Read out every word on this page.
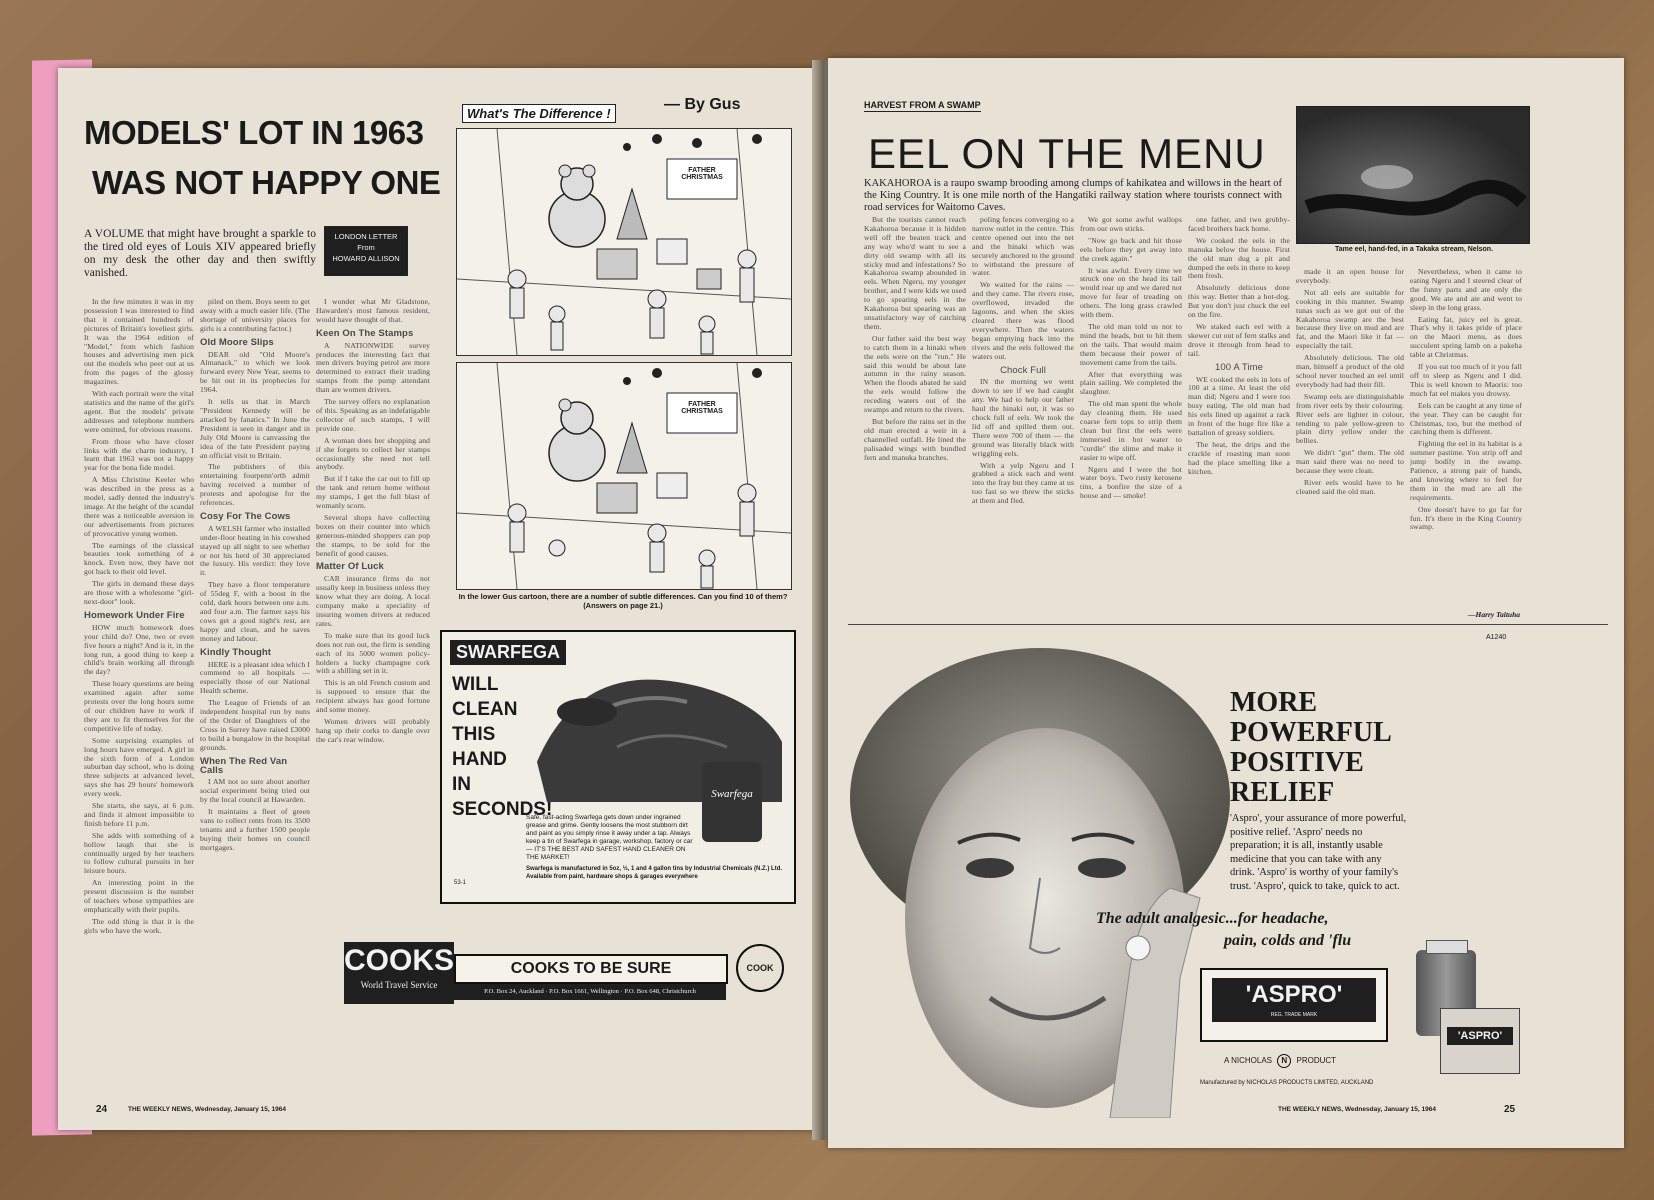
MODELS' LOT IN 1963
WAS NOT HAPPY ONE
A VOLUME that might have brought a sparkle to the tired old eyes of Louis XIV appeared briefly on my desk the other day and then swiftly vanished.
LONDON LETTER
From
HOWARD ALLISON

In the few minutes it was in my possession I was interested to find that it contained hundreds of pictures of Britain's loveliest girls. It was the 1964 edition of "Model," from which fashion houses and advertising men pick out the models who peer out at us from the pages of the glossy magazines.

With each portrait were the vital statistics and the name of the girl's agent. But the models' private addresses and telephone numbers were omitted, for obvious reasons.

From those who have closer links with the charm industry, I learn that 1963 was not a happy year for the bona fide model.

A Miss Christine Keeler who was described in the press as a model, sadly dented the industry's image. At the height of the scandal there was a noticeable aversion in our advertisements from pictures of provocative young women.

The earnings of the classical beauties took something of a knock. Even now, they have not got back to their old level.

The girls in demand these days are those with a wholesome "girl-next-door" look.

Homework Under Fire

HOW much homework does your child do? One, two or even five hours a night? And is it, in the long run, a good thing to keep a child's brain working all through the day?

These hoary questions are being examined again after some protests over the long hours some of our children have to work if they are to fit themselves for the competitive life of today.

Some surprising examples of long hours have emerged. A girl in the sixth form of a London suburban day school, who is doing three subjects at advanced level, says she has 29 hours' homework every week.

She starts, she says, at 6 p.m. and finds it almost impossible to finish before 11 p.m.

She adds with something of a hollow laugh that she is continually urged by her teachers to follow cultural pursuits in her leisure hours.

An interesting point in the present discussion is the number of teachers whose sympathies are emphatically with their pupils.

The odd thing is that it is the girls who have the work.

piled on them. Boys seem to get away with a much easier life. (The shortage of university places for girls is a contributing factor.)

Old Moore Slips

DEAR old "Old Moore's Almanack," to which we look forward every New Year, seems to be hit out in its prophecies for 1964.

It tells us that in March "President Kennedy will be attacked by fanatics." In June the President is seen in danger and in July Old Moore is canvassing the idea of the late President paying an official visit to Britain.

The publishers of this entertaining fourpenn'orth admit having received a number of protests and apologise for the references.

Cosy For The Cows

A WELSH farmer who installed under-floor heating in his cowshed stayed up all night to see whether or not his herd of 30 appreciated the luxury. His verdict: they love it.

They have a floor temperature of 55deg F, with a boost in the cold, dark hours between one a.m. and four a.m. The farmer says his cows get a good night's rest, are happy and clean, and he saves money and labour.

Kindly Thought

HERE is a pleasant idea which I commend to all hospitals — especially those of our National Health scheme.

The League of Friends of an independent hospital run by nuns of the Order of Daughters of the Cross in Surrey have raised £3000 to build a bungalow in the hospital grounds.

When The Red Van Calls

I AM not so sure about another social experiment being tried out by the local council at Hawarden.

It maintains a fleet of green vans to collect rents from its 3500 tenants and a further 1500 people buying their homes on council mortgages.

I wonder what Mr Gladstone, Hawarden's most famous resident, would have thought of that.

Keen On The Stamps

A NATIONWIDE survey produces the interesting fact that men drivers buying petrol are more determined to extract their trading stamps from the pump attendant than are women drivers.

The survey offers no explanation of this. Speaking as an indefatigable collector of such stamps, I will provide one.

A woman does her shopping and if she forgets to collect her stamps occasionally she need not tell anybody.

But if I take the car out to fill up the tank and return home without my stamps, I get the full blast of womanly scorn.

Several shops have collecting boxes on their counter into which generous-minded shoppers can pop the stamps, to be sold for the benefit of good causes.

Matter Of Luck

CAR insurance firms do not usually keep in business unless they know what they are doing. A local company make a speciality of insuring women drivers at reduced rates.

To make sure that its good luck does not run out, the firm is sending each of its 5000 women policy-holders a lucky champagne cork with a shilling set in it.

This is an old French custom and is supposed to ensure that the recipient always has good fortune and some money.

Women drivers will probably hang up their corks to dangle over the car's rear window.

What's The Difference !
— By Gus
FATHER CHRISTMAS
FATHER CHRISTMAS
In the lower Gus cartoon, there are a number of subtle differences. Can you find 10 of them? (Answers on page 21.)
SWARFEGA
WILL
CLEAN
THIS
HAND
IN
SECONDS!
Swarfega
Safe, fast-acting Swarfega gets down under ingrained grease and grime. Gently loosens the most stubborn dirt and paint as you simply rinse it away under a tap. Always keep a tin of Swarfega in garage, workshop, factory or car — IT'S THE BEST AND SAFEST HAND CLEANER ON THE MARKET!
53-1
Swarfega is manufactured in 5oz, ½, 1 and 4 gallon tins by Industrial Chemicals (N.Z.) Ltd. Available from paint, hardware shops & garages everywhere
COOKS
World Travel Service
COOKS TO BE SURE
P.O. Box 24, Auckland · P.O. Box 1661, Wellington · P.O. Box 648, Christchurch
COOK
24	THE WEEKLY NEWS, Wednesday, January 15, 1964
HARVEST FROM A SWAMP
EEL ON THE MENU
KAKAHOROA is a raupo swamp brooding among clumps of kahikatea and willows in the heart of the King Country. It is one mile north of the Hangatiki railway station where tourists connect with road services for Waitomo Caves.
Tame eel, hand-fed, in a Takaka stream, Nelson.

But the tourists cannot reach Kakahoroa because it is hidden well off the beaten track and any way who'd want to see a dirty old swamp with all its sticky mud and infestations? So Kakahoroa swamp abounded in eels. When Ngeru, my younger brother, and I were kids we used to go spearing eels in the Kakahoroa but spearing was an unsatisfactory way of catching them.

Our father said the best way to catch them in a hinaki when the eels were on the "run." He said this would be about late autumn in the rainy season. When the floods abated he said the eels would follow the receding waters out of the swamps and return to the rivers.

But before the rains set in the old man erected a weir in a channelled outfall. He lined the palisaded wings with bundled fern and manuka branches.

poling fences converging to a narrow outlet in the centre. This centre opened out into the net and the hinaki which was securely anchored to the ground to withstand the pressure of water.

We waited for the rains — and they came. The rivers rose, overflowed, invaded the lagoons, and when the skies cleared there was flood everywhere. Then the waters began emptying back into the rivers and the eels followed the waters out.

Chock Full

IN the morning we went down to see if we had caught any. We had to help our father haul the hinaki out, it was so chock full of eels. We took the lid off and spilled them out. There were 700 of them — the ground was literally black with wriggling eels.

With a yelp Ngeru and I grabbed a stick each and went into the fray but they came at us too fast so we threw the sticks at them and fled.

We got some awful wallops from our own sticks.

"Now go back and hit those eels before they get away into the creek again."

It was awful. Every time we struck one on the head its tail would rear up and we dared not move for fear of treading on others. The long grass crawled with them.

The old man told us not to mind the heads, but to hit them on the tails. That would maim them because their power of movement came from the tails.

After that everything was plain sailing. We completed the slaughter.

The old man spent the whole day cleaning them. He used coarse fern tops to strip them clean but first the eels were immersed in hot water to "curdle" the slime and make it easier to wipe off.

Ngeru and I were the hot water boys. Two rusty kerosene tins, a bonfire the size of a house and — smoke!

one father, and two grubby-faced brothers back home.

We cooked the eels in the manuka below the house. First the old man dug a pit and dumped the eels in there to keep them fresh.

Absolutely delicious done this way. Better than a hot-dog. But you don't just chuck the eel on the fire.

We staked each eel with a skewer cut out of fern stalks and drove it through from head to tail.

100 A Time

WE cooked the eels in lots of 100 at a time. At least the old man did; Ngeru and I were too busy eating. The old man had his eels lined up against a rack in front of the huge fire like a battalion of greasy soldiers.

The heat, the drips and the crackle of roasting man soon had the place smelling like a kitchen.

made it an open house for everybody.

Not all eels are suitable for cooking in this manner. Swamp tunas such as we got out of the Kakahoroa swamp are the best because they live on mud and are fat, and the Maori like it fat — especially the tail.

Absolutely delicious. The old man, himself a product of the old school never touched an eel until everybody had had their fill.

Swamp eels are distinguishable from river eels by their colouring. River eels are lighter in colour, tending to pale yellow-green to plain dirty yellow under the bellies.

We didn't "gut" them. The old man said there was no need to because they were clean.

River eels would have to be cleaned said the old man.

Nevertheless, when it came to eating Ngeru and I steered clear of the funny parts and ate only the good. We ate and ate and went to sleep in the long grass.

Eating fat, juicy eel is great. That's why it takes pride of place on the Maori menu, as does succulent spring lamb on a pakeha table at Christmas.

If you eat too much of it you fall off to sleep as Ngeru and I did. This is well known to Maoris: too much fat eel makes you drowsy.

Eels can be caught at any time of the year. They can be caught for Christmas, too, but the method of catching them is different.

Fighting the eel in its habitat is a summer pastime. You strip off and jump bodily in the swamp. Patience, a strong pair of hands, and knowing where to feel for them in the mud are all the requirements.

One doesn't have to go far for fun. It's there in the King Country swamp.

—Harry Taituha
A1240
MORE
POWERFUL
POSITIVE
RELIEF
'Aspro', your assurance of more powerful, positive relief. 'Aspro' needs no preparation; it is all, instantly usable medicine that you can take with any drink. 'Aspro' is worthy of your family's trust. 'Aspro', quick to take, quick to act.
The adult analgesic...for headache,
pain, colds and 'flu
'ASPRO'
REG. TRADE MARK
A NICHOLAS N PRODUCT
'ASPRO'
Manufactured by NICHOLAS PRODUCTS LIMITED, AUCKLAND
THE WEEKLY NEWS, Wednesday, January 15, 1964	25
